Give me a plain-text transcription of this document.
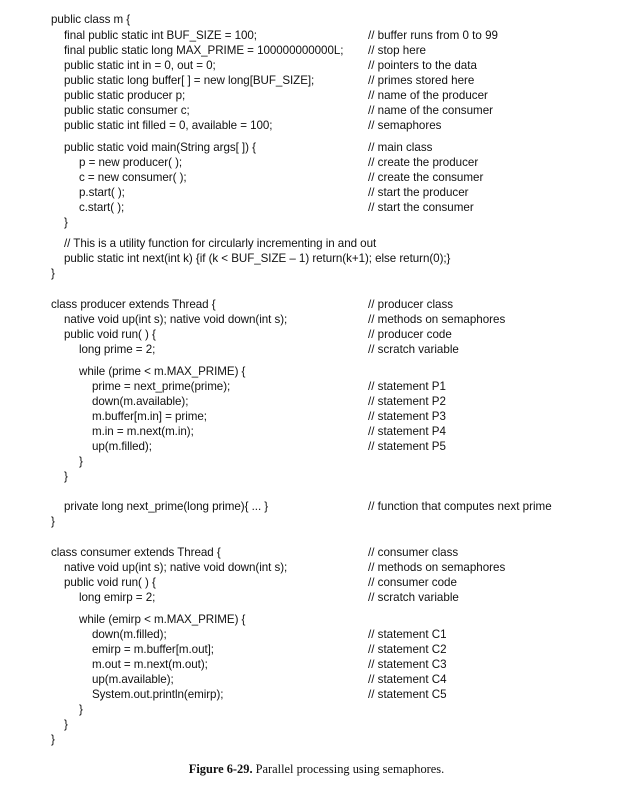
public class m {
final public static int BUF_SIZE = 100;	// buffer runs from 0 to 99
final public static long MAX_PRIME = 100000000000L; // stop here
public static int in = 0, out = 0;	// pointers to the data
public static long buffer[ ] = new long[BUF_SIZE];	// primes stored here
public static producer p;	// name of the producer
public static consumer c;	// name of the consumer
public static int filled = 0, available = 100;	// semaphores
public static void main(String args[ ]) {	// main class
p = new producer( );	// create the producer
c = new consumer( );	// create the consumer
p.start( );	// start the producer
c.start( );	// start the consumer
}
// This is a utility function for circularly incrementing in and out
public static int next(int k) {if (k < BUF_SIZE – 1) return(k+1); else return(0);}
}
class producer extends Thread {	// producer class
native void up(int s); native void down(int s);	// methods on semaphores
public void run( ) {	// producer code
long prime = 2;	// scratch variable
while (prime < m.MAX_PRIME) {
prime = next_prime(prime);	// statement P1
down(m.available);	// statement P2
m.buffer[m.in] = prime;	// statement P3
m.in = m.next(m.in);	// statement P4
up(m.filled);	// statement P5
}
}
private long next_prime(long prime){ ... }	// function that computes next prime
}
class consumer extends Thread {	// consumer class
native void up(int s); native void down(int s);	// methods on semaphores
public void run( ) {	// consumer code
long emirp = 2;	// scratch variable
while (emirp < m.MAX_PRIME) {
down(m.filled);	// statement C1
emirp = m.buffer[m.out];	// statement C2
m.out = m.next(m.out);	// statement C3
up(m.available);	// statement C4
System.out.println(emirp);	// statement C5
}
}
}
Figure 6-29. Parallel processing using semaphores.
